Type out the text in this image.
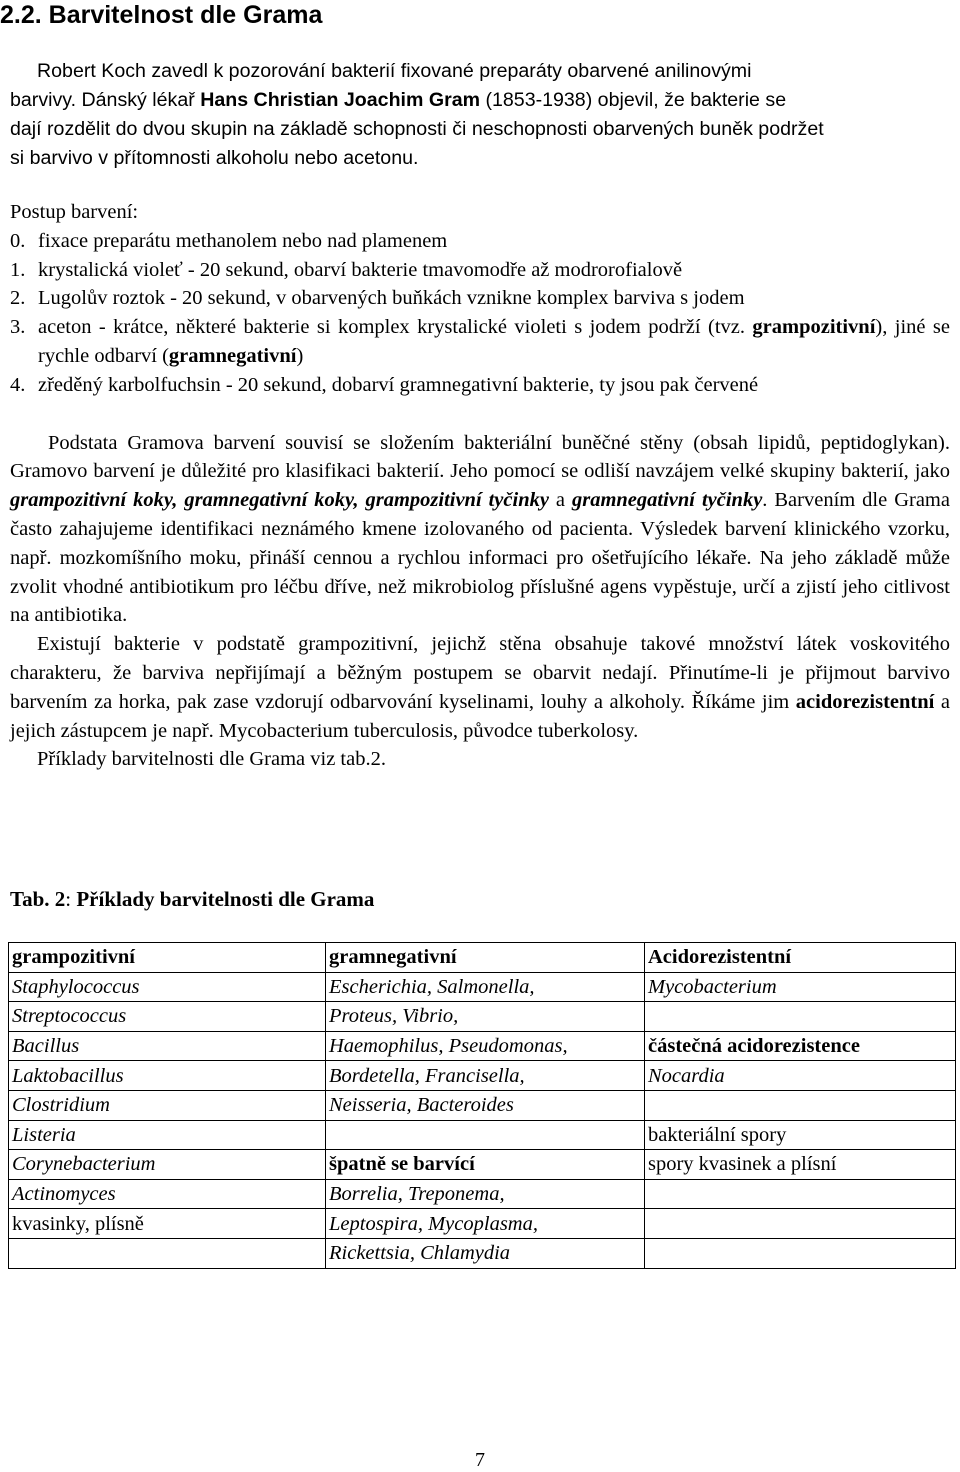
2.2. Barvitelnost dle Grama
Robert Koch zavedl k pozorování bakterií fixované preparáty obarvené anilinovými
barvivy. Dánský lékař Hans Christian Joachim Gram (1853-1938) objevil, že bakterie se
dají rozdělit do dvou skupin na základě schopnosti či neschopnosti obarvených buněk podržet
si barvivo v přítomnosti alkoholu nebo acetonu.
Postup barvení:
0. fixace preparátu methanolem nebo nad plamenem
1. krystalická violeť - 20 sekund, obarví bakterie tmavomodře až modrorofialově
2. Lugolův roztok - 20 sekund, v obarvených buňkách vznikne komplex barviva s jodem
3. aceton - krátce, některé bakterie si komplex krystalické violeti s jodem podrží (tvz. grampozitivní), jiné se rychle odbarví (gramnegativní)
4. zředěný karbolfuchsin - 20 sekund, dobarví gramnegativní bakterie, ty jsou pak červené

Podstata Gramova barvení souvisí se složením bakteriální buněčné stěny (obsah lipidů, peptidoglykan). Gramovo barvení je důležité pro klasifikaci bakterií. Jeho pomocí se odliší navzájem velké skupiny bakterií, jako grampozitivní koky, gramnegativní koky, grampozitivní tyčinky a gramnegativní tyčinky. Barvením dle Grama často zahajujeme identifikaci neznámého kmene izolovaného od pacienta. Výsledek barvení klinického vzorku, např. mozkomíšního moku, přináší cennou a rychlou informaci pro ošetřujícího lékaře. Na jeho základě může zvolit vhodné antibiotikum pro léčbu dříve, než mikrobiolog příslušné agens vypěstuje, určí a zjistí jeho citlivost na antibiotika.

Existují bakterie v podstatě grampozitivní, jejichž stěna obsahuje takové množství látek voskovitého charakteru, že barviva nepřijímají a běžným postupem se obarvit nedají. Přinutíme-li je přijmout barvivo barvením za horka, pak zase vzdorují odbarvování kyselinami, louhy a alkoholy. Říkáme jim acidorezistentní a jejich zástupcem je např. Mycobacterium tuberculosis, původce tuberkolosy.

Příklady barvitelnosti dle Grama viz tab.2.

Tab. 2: Příklady barvitelnosti dle Grama
grampozitivní	gramnegativní	Acidorezistentní
Staphylococcus	Escherichia, Salmonella,	Mycobacterium
Streptococcus	Proteus, Vibrio,	
Bacillus	Haemophilus, Pseudomonas,	částečná acidorezistence
Laktobacillus	Bordetella, Francisella,	Nocardia
Clostridium	Neisseria, Bacteroides	
Listeria		bakteriální spory
Corynebacterium	špatně se barvící	spory kvasinek a plísní
Actinomyces	Borrelia, Treponema,	
kvasinky, plísně	Leptospira, Mycoplasma,	
	Rickettsia, Chlamydia	
7
